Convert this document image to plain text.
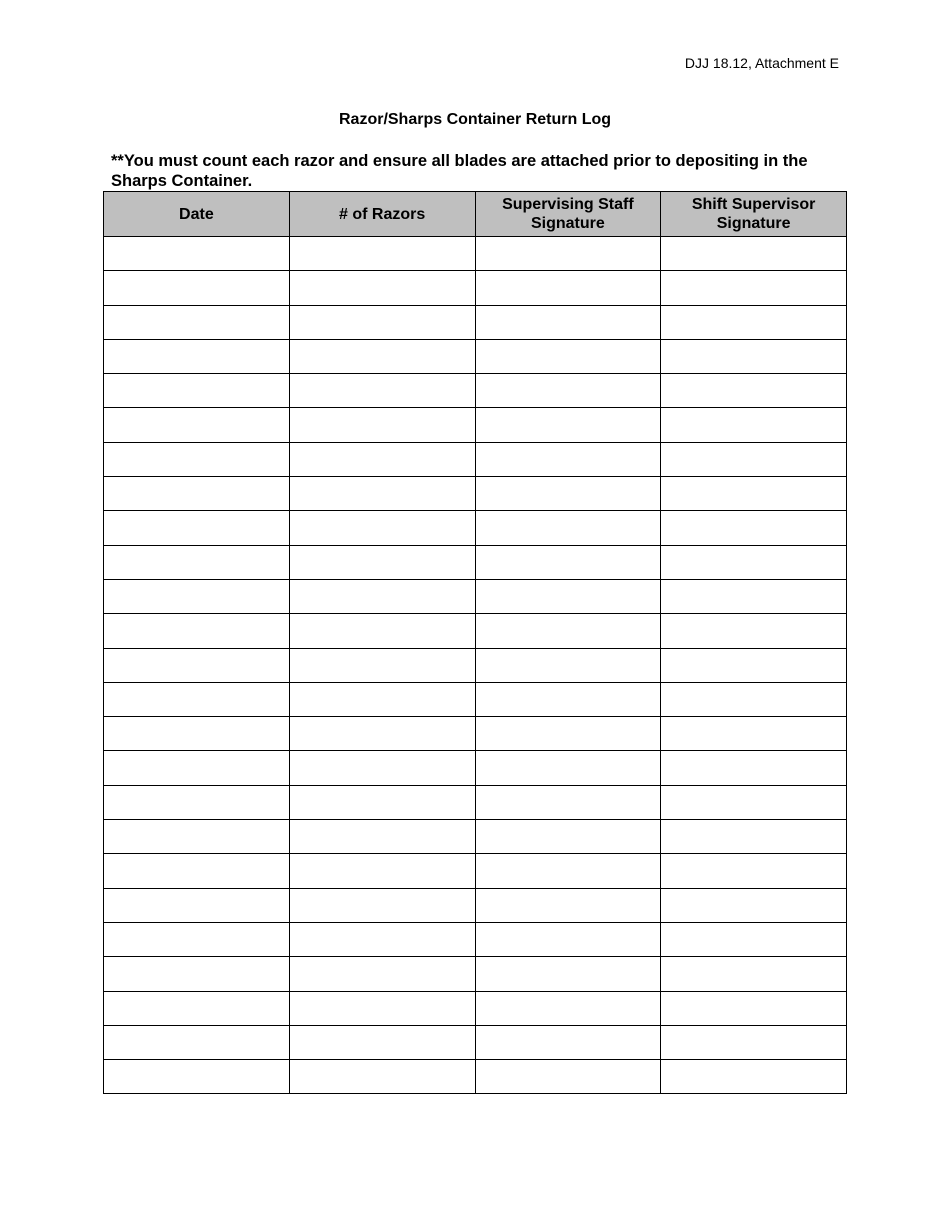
DJJ 18.12, Attachment E
Razor/Sharps Container Return Log
**You must count each razor and ensure all blades are attached prior to depositing in the Sharps Container.
Date	# of Razors	Supervising Staff Signature	Shift Supervisor Signature
